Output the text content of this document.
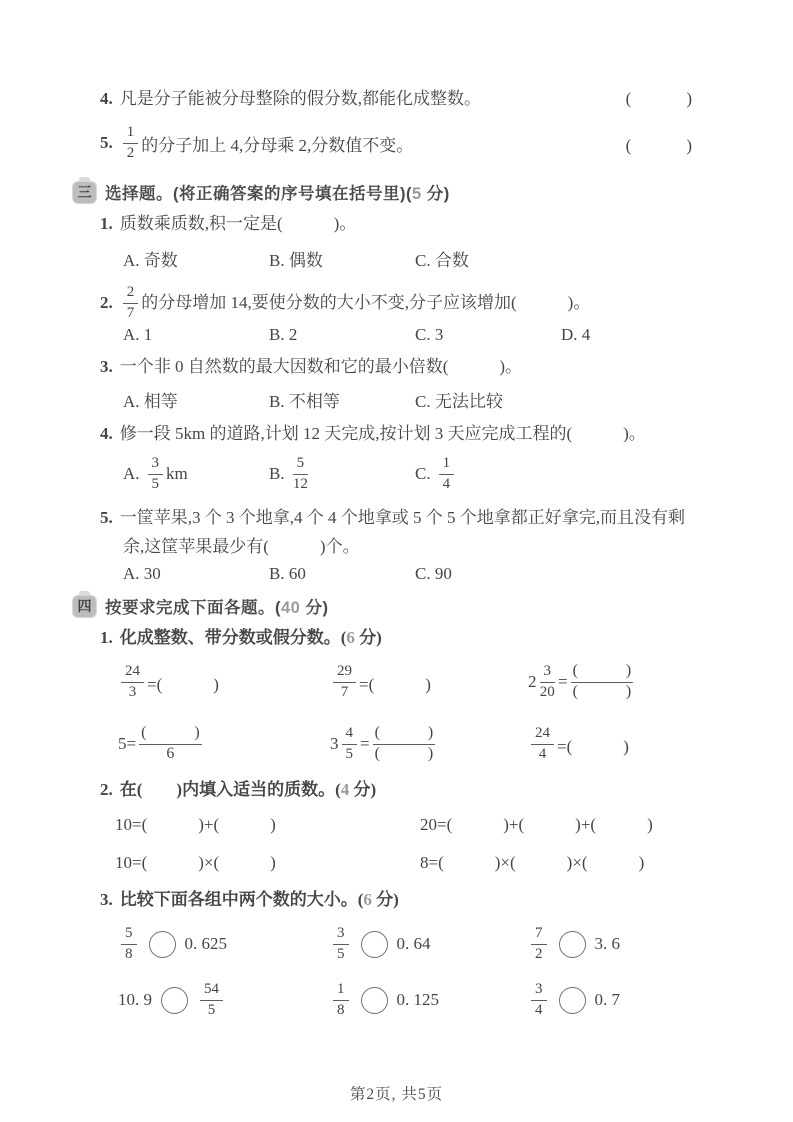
4. 凡是分子能被分母整除的假分数,都能化成整数。	(　　　)
5. $\frac{1}{2}$ 的分子加上 4,分母乘 2,分数值不变。	(　　　)
三 选择题。(将正确答案的序号填在括号里)(5 分)
1. 质数乘质数,积一定是(　　　)。
A. 奇数	B. 偶数	C. 合数
2. $\frac{2}{7}$ 的分母增加 14,要使分数的大小不变,分子应该增加(　　　)。
A. 1	B. 2	C. 3	D. 4
3. 一个非 0 自然数的最大因数和它的最小倍数(　　　)。
A. 相等	B. 不相等	C. 无法比较
4. 修一段 5km 的道路,计划 12 天完成,按计划 3 天应完成工程的(　　　)。
A. $\frac{3}{5}$ km	B. $\frac{5}{12}$	C. $\frac{1}{4}$
5. 一筐苹果,3 个 3 个地拿,4 个 4 个地拿或 5 个 5 个地拿都正好拿完,而且没有剩
余,这筐苹果最少有(　　　)个。
A. 30	B. 60	C. 90
四 按要求完成下面各题。(40 分)
1. 化成整数、带分数或假分数。(6 分)
$\frac{24}{3}$ =(　　　)	$\frac{29}{7}$ =(　　　)	$2 \frac{3}{20} = \frac{( )}{( )}$
$5= \frac{( )}{6}$	$3 \frac{4}{5} = \frac{( )}{( )}$	$\frac{24}{4}$ =(　　　)
2. 在(　　)内填入适当的质数。(4 分)
10=(　　　)+(　　　)	20=(　　　)+(　　　)+(　　　)
10=(　　　)×(　　　)	8=(　　　)×(　　　)×(　　　)
3. 比较下面各组中两个数的大小。(6 分)
$\frac{5}{8}$	0. 625	$\frac{3}{5}$	0. 64	$\frac{7}{2}$	3. 6
10. 9	$\frac{54}{5}$	$\frac{1}{8}$	0. 125	$\frac{3}{4}$	0. 7
第2页, 共5页
